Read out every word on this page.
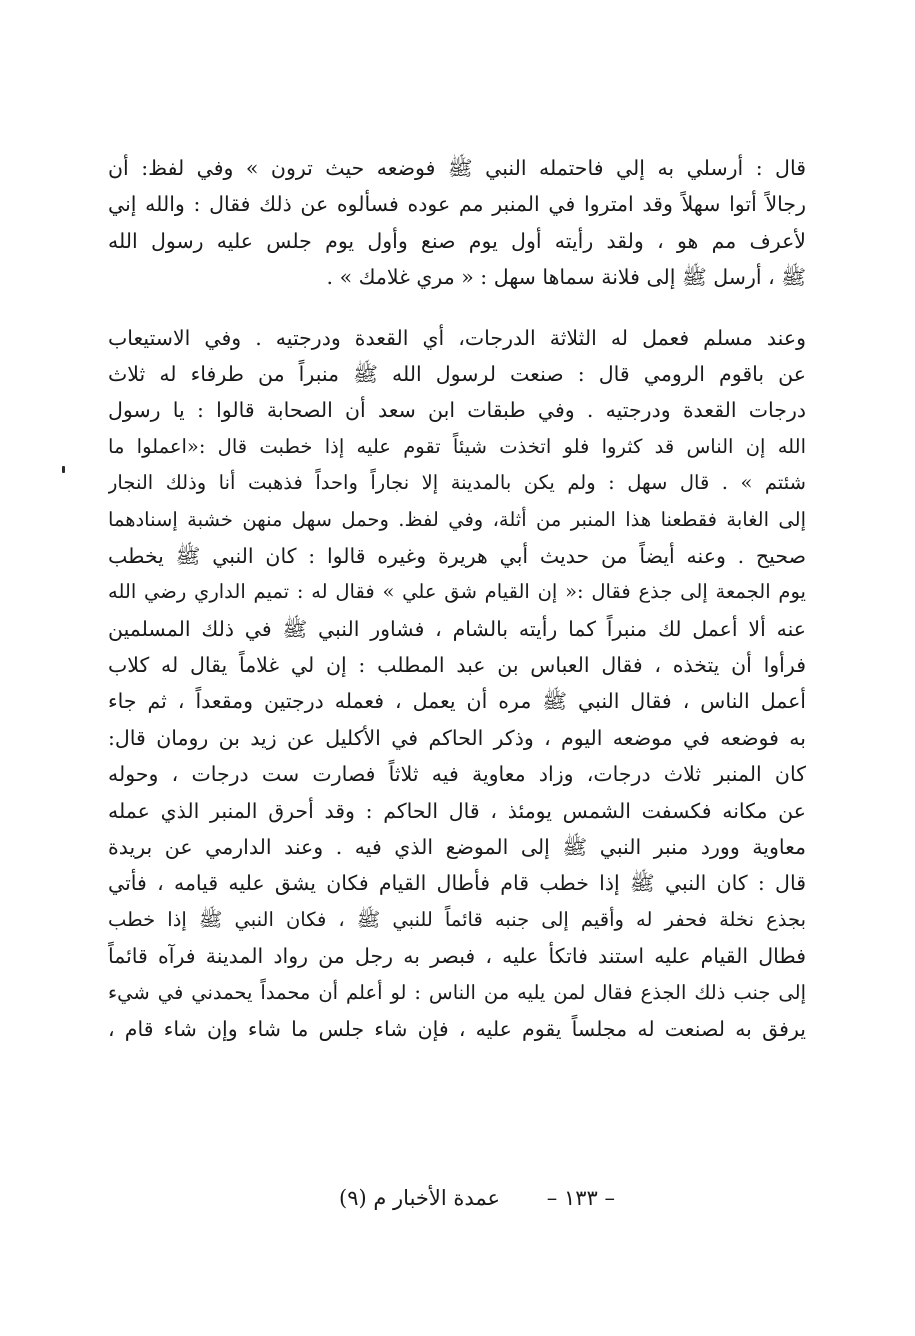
قال : أرسلي به إلي فاحتمله النبي ﷺ فوضعه حيث ترون » وفي لفظ: أن
رجالاً أتوا سهلاً وقد امتروا في المنبر مم عوده فسألوه عن ذلك فقال : والله إني
لأعرف مم هو ، ولقد رأيته أول يوم صنع وأول يوم جلس عليه رسول الله
ﷺ ، أرسل ﷺ إلى فلانة سماها سهل : « مري غلامك » .
وعند مسلم فعمل له الثلاثة الدرجات، أي القعدة ودرجتيه . وفي الاستيعاب
عن باقوم الرومي قال : صنعت لرسول الله ﷺ منبراً من طرفاء له ثلاث
درجات القعدة ودرجتيه . وفي طبقات ابن سعد أن الصحابة قالوا : يا رسول
الله إن الناس قد كثروا فلو اتخذت شيئاً تقوم عليه إذا خطبت قال :«اعملوا ما
شئتم » . قال سهل : ولم يكن بالمدينة إلا نجاراً واحداً فذهبت أنا وذلك النجار
إلى الغابة فقطعنا هذا المنبر من أثلة، وفي لفظ. وحمل سهل منهن خشبة إسنادهما
صحيح . وعنه أيضاً من حديث أبي هريرة وغيره قالوا : كان النبي ﷺ يخطب
يوم الجمعة إلى جذع فقال :« إن القيام شق علي » فقال له : تميم الداري رضي الله
عنه ألا أعمل لك منبراً كما رأيته بالشام ، فشاور النبي ﷺ في ذلك المسلمين
فرأوا أن يتخذه ، فقال العباس بن عبد المطلب : إن لي غلاماً يقال له كلاب
أعمل الناس ، فقال النبي ﷺ مره أن يعمل ، فعمله درجتين ومقعداً ، ثم جاء
به فوضعه في موضعه اليوم ، وذكر الحاكم في الأكليل عن زيد بن رومان قال:
كان المنبر ثلاث درجات، وزاد معاوية فيه ثلاثاً فصارت ست درجات ، وحوله
عن مكانه فكسفت الشمس يومئذ ، قال الحاكم : وقد أحرق المنبر الذي عمله
معاوية وورد منبر النبي ﷺ إلى الموضع الذي فيه . وعند الدارمي عن بريدة
قال : كان النبي ﷺ إذا خطب قام فأطال القيام فكان يشق عليه قيامه ، فأتي
بجذع نخلة فحفر له وأقيم إلى جنبه قائماً للنبي ﷺ ، فكان النبي ﷺ إذا خطب
فطال القيام عليه استند فاتكأ عليه ، فبصر به رجل من رواد المدينة فرآه قائماً
إلى جنب ذلك الجذع فقال لمن يليه من الناس : لو أعلم أن محمداً يحمدني في شيء
يرفق به لصنعت له مجلساً يقوم عليه ، فإن شاء جلس ما شاء وإن شاء قام ،
– ١٣٣ – عمدة الأخبار م (٩)
